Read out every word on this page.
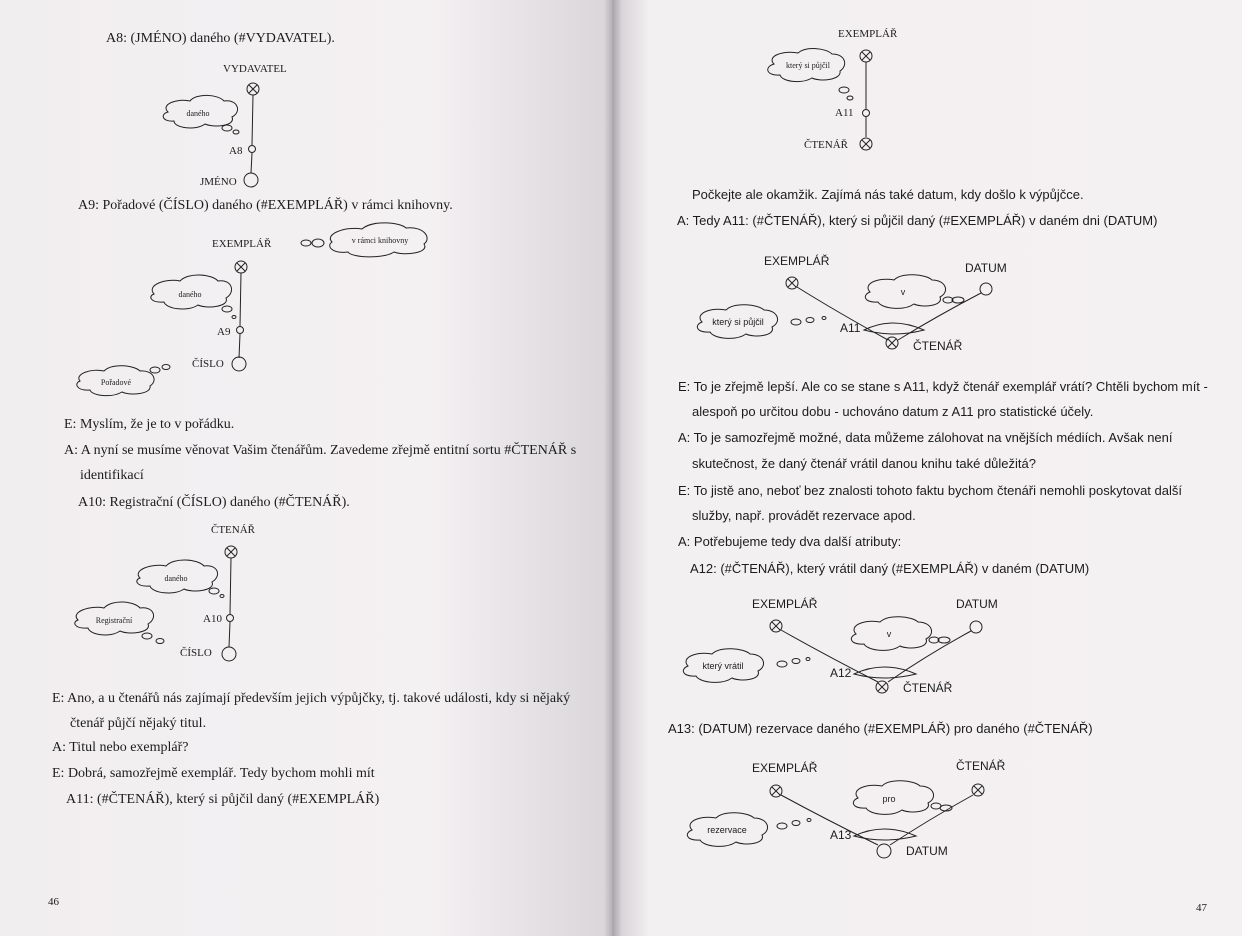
A8: (JMÉNO) daného (#VYDAVATEL).
VYDAVATEL
daného
A8
JMÉNO
A9: Pořadové (ČÍSLO) daného (#EXEMPLÁŘ) v rámci knihovny.
EXEMPLÁŘ	v rámci knihovny
daného
A9
ČÍSLO
Pořadové
E: Myslím, že je to v pořádku.
A: A nyní se musíme věnovat Vašim čtenářům. Zavedeme zřejmě entitní sortu #ČTENÁŘ s
identifikací
A10: Registrační (ČÍSLO) daného (#ČTENÁŘ).
ČTENÁŘ
daného
Registrační	A10
ČÍSLO
E: Ano, a u čtenářů nás zajímají především jejich výpůjčky, tj. takové události, kdy si nějaký
čtenář půjčí nějaký titul.
A: Titul nebo exemplář?
E: Dobrá, samozřejmě exemplář. Tedy bychom mohli mít
A11: (#ČTENÁŘ), který si půjčil daný (#EXEMPLÁŘ)
46
EXEMPLÁŘ
který si půjčil
A11
ČTENÁŘ
Počkejte ale okamžik. Zajímá nás také datum, kdy došlo k výpůjčce.
A: Tedy A11: (#ČTENÁŘ), který si půjčil daný (#EXEMPLÁŘ) v daném dni (DATUM)
EXEMPLÁŘ	DATUM
v
který si půjčil	A11
ČTENÁŘ
E: To je zřejmě lepší. Ale co se stane s A11, když čtenář exemplář vrátí? Chtěli bychom mít -
alespoň po určitou dobu - uchováno datum z A11 pro statistické účely.
A: To je samozřejmě možné, data můžeme zálohovat na vnějších médiích. Avšak není
skutečnost, že daný čtenář vrátil danou knihu také důležitá?
E: To jistě ano, neboť bez znalosti tohoto faktu bychom čtenáři nemohli poskytovat další
služby, např. provádět rezervace apod.
A: Potřebujeme tedy dva další atributy:
A12: (#ČTENÁŘ), který vrátil daný (#EXEMPLÁŘ) v daném (DATUM)
EXEMPLÁŘ	DATUM
v
který vrátil	A12
ČTENÁŘ
A13: (DATUM) rezervace daného (#EXEMPLÁŘ) pro daného (#ČTENÁŘ)
EXEMPLÁŘ	ČTENÁŘ
pro
rezervace	A13
DATUM
47
